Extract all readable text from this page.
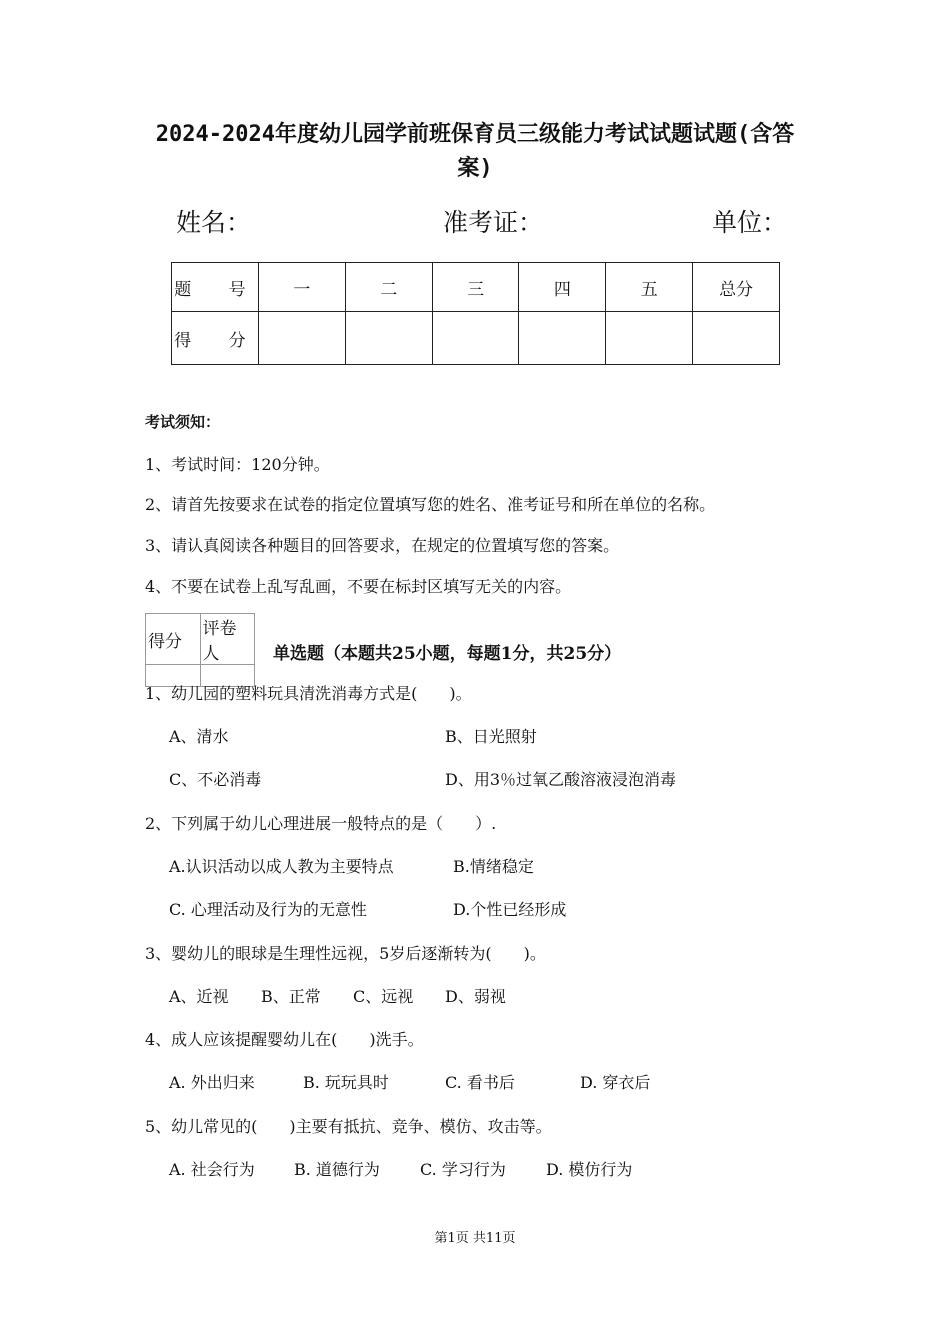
2024-2024年度幼儿园学前班保育员三级能力考试试题试题(含答案)
姓名：	准考证：	单位：
题　号	一	二	三	四	五	总分
得　分						
考试须知：
1、考试时间：120分钟。
2、请首先按要求在试卷的指定位置填写您的姓名、准考证号和所在单位的名称。
3、请认真阅读各种题目的回答要求，在规定的位置填写您的答案。
4、不要在试卷上乱写乱画，不要在标封区填写无关的内容。
得分	评卷人
		单选题（本题共25小题，每题1分，共25分）
1、幼儿园的塑料玩具清洗消毒方式是(　　)。
A、清水	B、日光照射
C、不必消毒	D、用3％过氧乙酸溶液浸泡消毒
2、下列属于幼儿心理进展一般特点的是（　　）.
A.认识活动以成人教为主要特点	B.情绪稳定
C. 心理活动及行为的无意性	D.个性已经形成
3、婴幼儿的眼球是生理性远视，5岁后逐渐转为(　　)。
A、近视 B、正常 C、远视 D、弱视
4、成人应该提醒婴幼儿在(　　)洗手。
A. 外出归来	B. 玩玩具时	C. 看书后	D. 穿衣后
5、幼儿常见的(　　)主要有抵抗、竞争、模仿、攻击等。
A. 社会行为 B. 道德行为	C. 学习行为	D. 模仿行为
第1页 共11页
